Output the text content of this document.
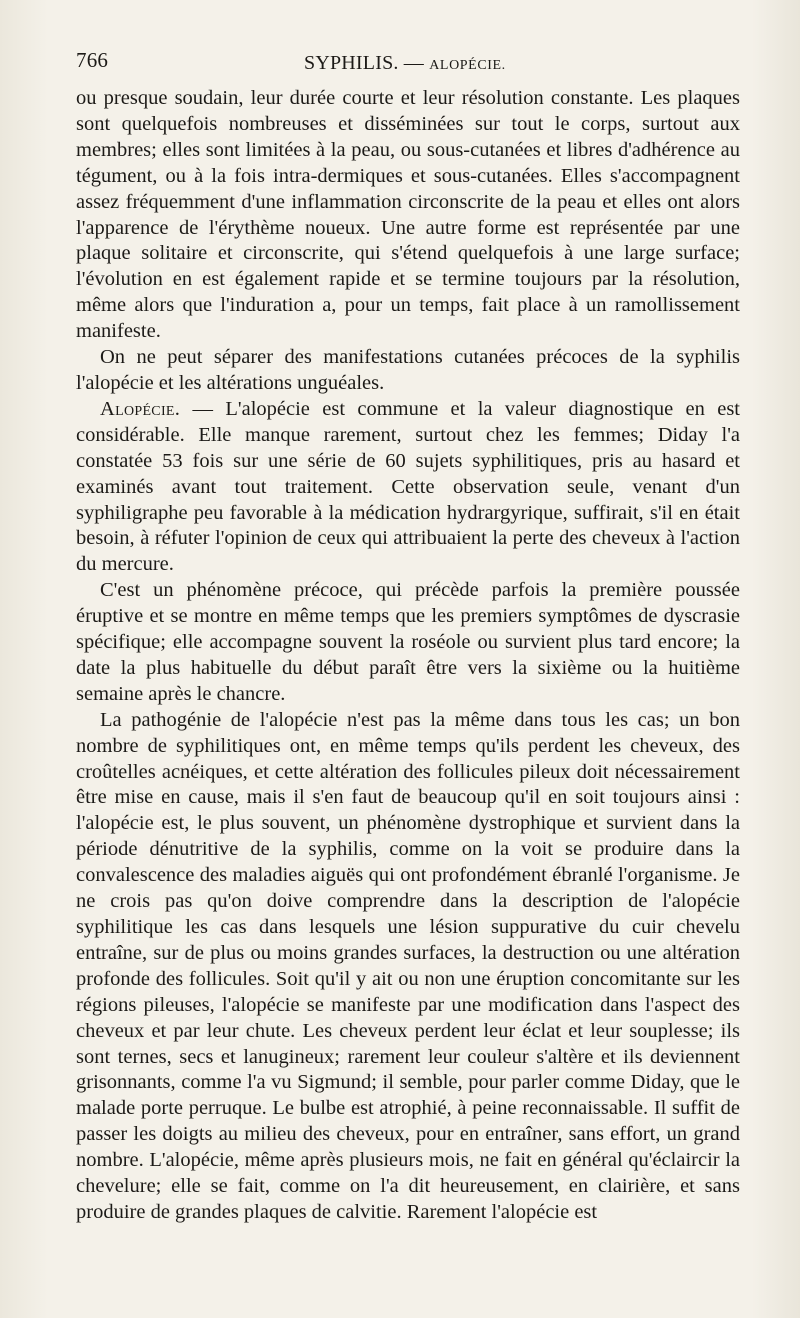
766	SYPHILIS. — ALOPÉCIE.

ou presque soudain, leur durée courte et leur résolution constante. Les plaques sont quelquefois nombreuses et disséminées sur tout le corps, surtout aux membres; elles sont limitées à la peau, ou sous-cutanées et libres d'adhérence au tégument, ou à la fois intra-dermiques et sous-cutanées. Elles s'accompagnent assez fréquemment d'une inflammation circonscrite de la peau et elles ont alors l'apparence de l'érythème noueux. Une autre forme est représentée par une plaque solitaire et circonscrite, qui s'étend quelquefois à une large surface; l'évolution en est également rapide et se termine toujours par la résolution, même alors que l'induration a, pour un temps, fait place à un ramollissement manifeste.

On ne peut séparer des manifestations cutanées précoces de la syphilis l'alopécie et les altérations unguéales.

Alopécie. — L'alopécie est commune et la valeur diagnostique en est considérable. Elle manque rarement, surtout chez les femmes; Diday l'a constatée 53 fois sur une série de 60 sujets syphilitiques, pris au hasard et examinés avant tout traitement. Cette observation seule, venant d'un syphiligraphe peu favorable à la médication hydrargyrique, suffirait, s'il en était besoin, à réfuter l'opinion de ceux qui attribuaient la perte des cheveux à l'action du mercure.

C'est un phénomène précoce, qui précède parfois la première poussée éruptive et se montre en même temps que les premiers symptômes de dyscrasie spécifique; elle accompagne souvent la roséole ou survient plus tard encore; la date la plus habituelle du début paraît être vers la sixième ou la huitième semaine après le chancre.

La pathogénie de l'alopécie n'est pas la même dans tous les cas; un bon nombre de syphilitiques ont, en même temps qu'ils perdent les cheveux, des croûtelles acnéiques, et cette altération des follicules pileux doit nécessairement être mise en cause, mais il s'en faut de beaucoup qu'il en soit toujours ainsi : l'alopécie est, le plus souvent, un phénomène dystrophique et survient dans la période dénutritive de la syphilis, comme on la voit se produire dans la convalescence des maladies aiguës qui ont profondément ébranlé l'organisme. Je ne crois pas qu'on doive comprendre dans la description de l'alopécie syphilitique les cas dans lesquels une lésion suppurative du cuir chevelu entraîne, sur de plus ou moins grandes surfaces, la destruction ou une altération profonde des follicules. Soit qu'il y ait ou non une éruption concomitante sur les régions pileuses, l'alopécie se manifeste par une modification dans l'aspect des cheveux et par leur chute. Les cheveux perdent leur éclat et leur souplesse; ils sont ternes, secs et lanugineux; rarement leur couleur s'altère et ils deviennent grisonnants, comme l'a vu Sigmund; il semble, pour parler comme Diday, que le malade porte perruque. Le bulbe est atrophié, à peine reconnaissable. Il suffit de passer les doigts au milieu des cheveux, pour en entraîner, sans effort, un grand nombre. L'alopécie, même après plusieurs mois, ne fait en général qu'éclaircir la chevelure; elle se fait, comme on l'a dit heureusement, en clairière, et sans produire de grandes plaques de calvitie. Rarement l'alopécie est
